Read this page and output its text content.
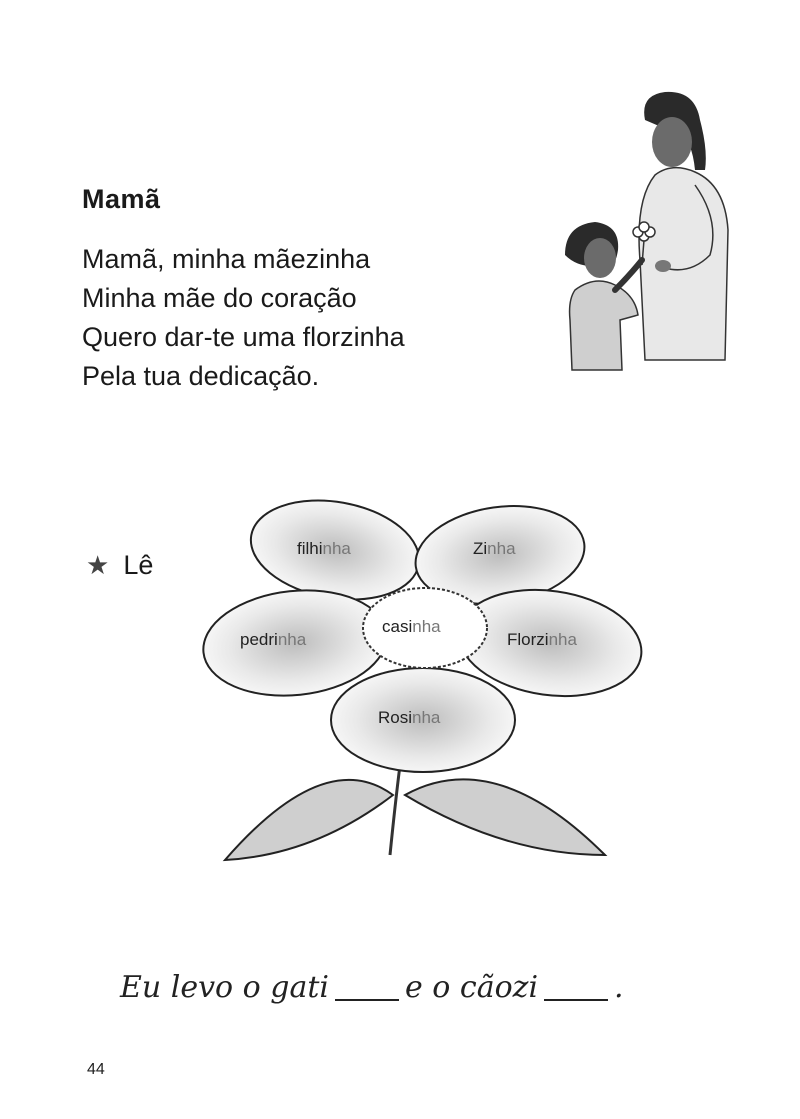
Mamã
Mamã, minha mãezinha
Minha mãe do coração
Quero dar-te uma florzinha
Pela tua dedicação.
★ Lê
filhinha	Zinha
pedrinha	Florzinha
Rosinha
casinha
Eu levo o gati	e o cãozi	.
44
